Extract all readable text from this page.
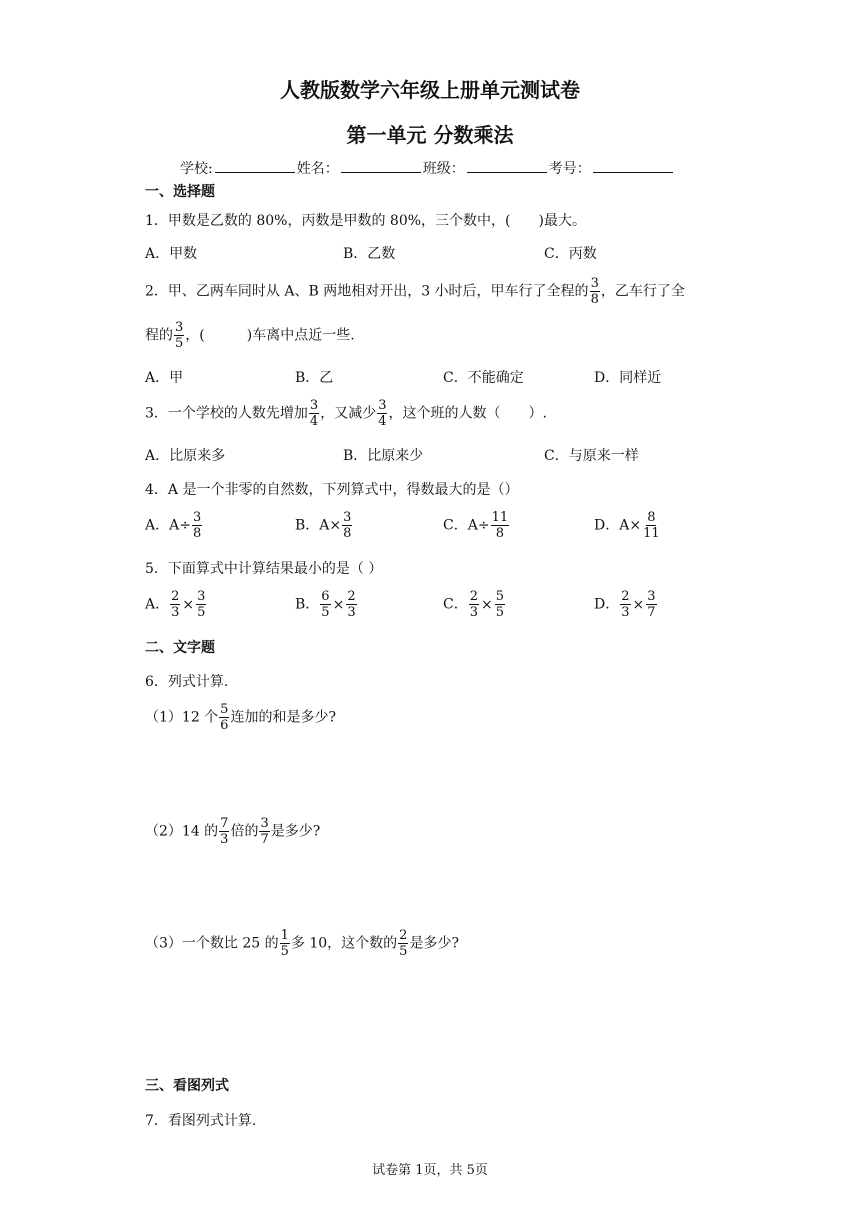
人教版数学六年级上册单元测试卷
第一单元 分数乘法
学校:	姓名：	班级：	考号：
一、选择题
1．甲数是乙数的 80%，丙数是甲数的 80%，三个数中，(　　)最大。
A．甲数	B．乙数	C．丙数
2．甲、乙两车同时从 A、B 两地相对开出，3 小时后，甲车行了全程的 $\frac{3}{8}$ ，乙车行了全
程的 $\frac{3}{5}$ ，(　　　)车离中点近一些.
A．甲	B．乙	C．不能确定	D．同样近
3．一个学校的人数先增加 $\frac{3}{4}$ ，又减少 $\frac{3}{4}$ ，这个班的人数（　　）.
A．比原来多	B．比原来少	C．与原来一样
4．A 是一个非零的自然数，下列算式中，得数最大的是（）
A．$A\div \frac{3}{8}$	B．$A\times \frac{3}{8}$	C．$A\div \frac{11}{8}$	D．$A\times \frac{8}{11}$
5．下面算式中计算结果最小的是（ ）
A． $\frac{2}{3} \times \frac{3}{5}$	B． $\frac{6}{5} \times \frac{2}{3}$	C． $\frac{2}{3} \times \frac{5}{5}$	D． $\frac{2}{3} \times \frac{3}{7}$
二、文字题
6．列式计算.
（1）12 个 $\frac{5}{6}$ 连加的和是多少?
（2）14 的 $\frac{7}{3}$ 倍的 $\frac{3}{7}$ 是多少?
（3）一个数比 25 的 $\frac{1}{5}$ 多 10，这个数的 $\frac{2}{5}$ 是多少?
三、看图列式
7．看图列式计算.
试卷第 1页，共 5页
